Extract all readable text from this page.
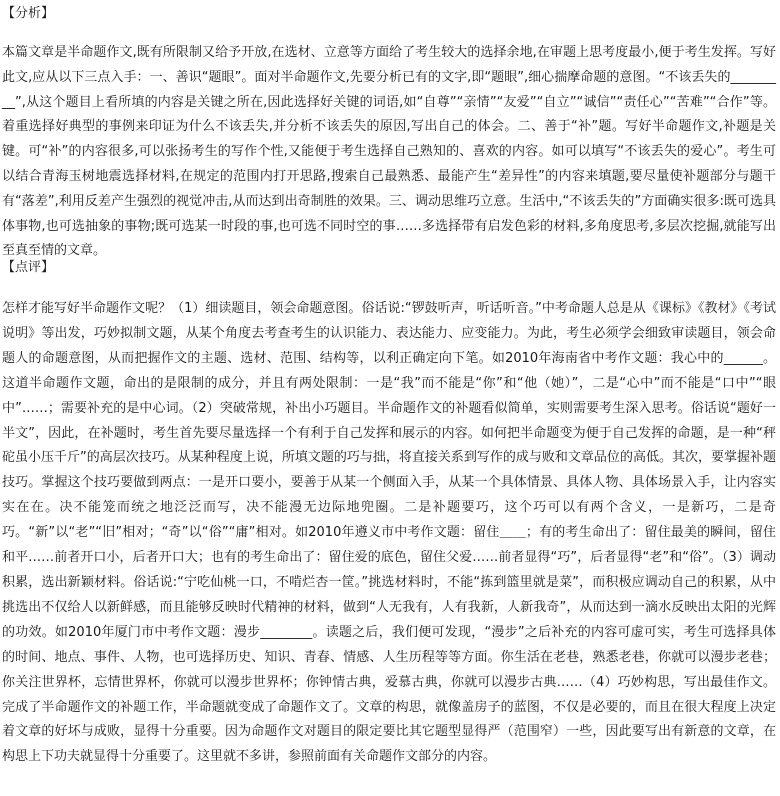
【分析】
本篇文章是半命题作文,既有所限制又给予开放,在选材、立意等方面给了考生较大的选择余地,在审题上思考度最小,便于考生发挥。写好此文,应从以下三点入手：一、善识“题眼”。面对半命题作文,先要分析已有的文字,即“题眼”,细心揣摩命题的意图。“不该丢失的_________”,从这个题目上看所填的内容是关键之所在,因此选择好关键的词语,如“自尊”“亲情”“友爱”“自立”“诚信”“责任心”“苦难”“合作”等。着重选择好典型的事例来印证为什么不该丢失,并分析不该丢失的原因,写出自己的体会。二、善于“补”题。写好半命题作文,补题是关键。可“补”的内容很多,可以张扬考生的写作个性,又能便于考生选择自己熟知的、喜欢的内容。如可以填写“不该丢失的爱心”。考生可以结合青海玉树地震选择材料,在规定的范围内打开思路,搜索自己最熟悉、最能产生“差异性”的内容来填题,要尽量使补题部分与题干有“落差”,利用反差产生强烈的视觉冲击,从而达到出奇制胜的效果。三、调动思维巧立意。生活中,“不该丢失的”方面确实很多:既可选具体事物,也可选抽象的事物;既可选某一时段的事,也可选不同时空的事……多选择带有启发色彩的材料,多角度思考,多层次挖掘,就能写出至真至情的文章。
【点评】
怎样才能写好半命题作文呢？（1）细读题目，领会命题意图。俗话说:“锣鼓听声，听话听音。”中考命题人总是从《课标》《教材》《考试说明》等出发，巧妙拟制文题，从某个角度去考查考生的认识能力、表达能力、应变能力。为此，考生必须学会细致审读题目，领会命题人的命题意图，从而把握作文的主题、选材、范围、结构等，以利正确定向下笔。如2010年海南省中考作文题：我心中的______。这道半命题作文题，命出的是限制的成分，并且有两处限制：一是“我”而不能是“你”和“他（她）”，二是“心中”而不能是“口中”“眼中”……；需要补充的是中心词。（2）突破常规，补出小巧题目。半命题作文的补题看似简单，实则需要考生深入思考。俗话说“题好一半文”，因此，在补题时，考生首先要尽量选择一个有利于自己发挥和展示的内容。如何把半命题变为便于自己发挥的命题，是一种“秤砣虽小压千斤”的高层次技巧。从某种程度上说，所填文题的巧与拙，将直接关系到写作的成与败和文章品位的高低。其次，要掌握补题技巧。掌握这个技巧要做到两点：一是开口要小，要善于从某一个侧面入手，从某一个具体情景、具体人物、具体场景入手，让内容实实在在。决不能笼而统之地泛泛而写，决不能漫无边际地兜圈。二是补题要巧，这个巧可以有两个含义，一是新巧，二是奇巧。“新”以“老”“旧”相对；“奇”以“俗”“庸”相对。如2010年遵义市中考作文题：留住＿＿；有的考生命出了：留住最美的瞬间，留住和平……前者开口小，后者开口大；也有的考生命出了：留住爱的底色，留住父爱……前者显得“巧”，后者显得“老”和“俗”。（3）调动积累，选出新颖材料。俗话说:“宁吃仙桃一口，不啃烂杏一筐。”挑选材料时，不能“拣到篮里就是菜”，而积极应调动自己的积累，从中挑选出不仅给人以新鲜感，而且能够反映时代精神的材料，做到“人无我有，人有我新，人新我奇”，从而达到一滴水反映出太阳的光辉的功效。如2010年厦门市中考作文题：漫步________。读题之后，我们便可发现，“漫步”之后补充的内容可虚可实，考生可选择具体的时间、地点、事件、人物，也可选择历史、知识、青春、情感、人生历程等等方面。你生活在老巷，熟悉老巷，你就可以漫步老巷；你关注世界杯，忘情世界杯，你就可以漫步世界杯；你钟情古典，爱慕古典，你就可以漫步古典……（4）巧妙构思，写出最佳作文。完成了半命题作文的补题工作，半命题就变成了命题作文了。文章的构思，就像盖房子的蓝图，不仅是必要的，而且在很大程度上决定着文章的好坏与成败，显得十分重要。因为命题作文对题目的限定要比其它题型显得严（范围窄）一些，因此要写出有新意的文章，在构思上下功夫就显得十分重要了。这里就不多讲，参照前面有关命题作文部分的内容。
